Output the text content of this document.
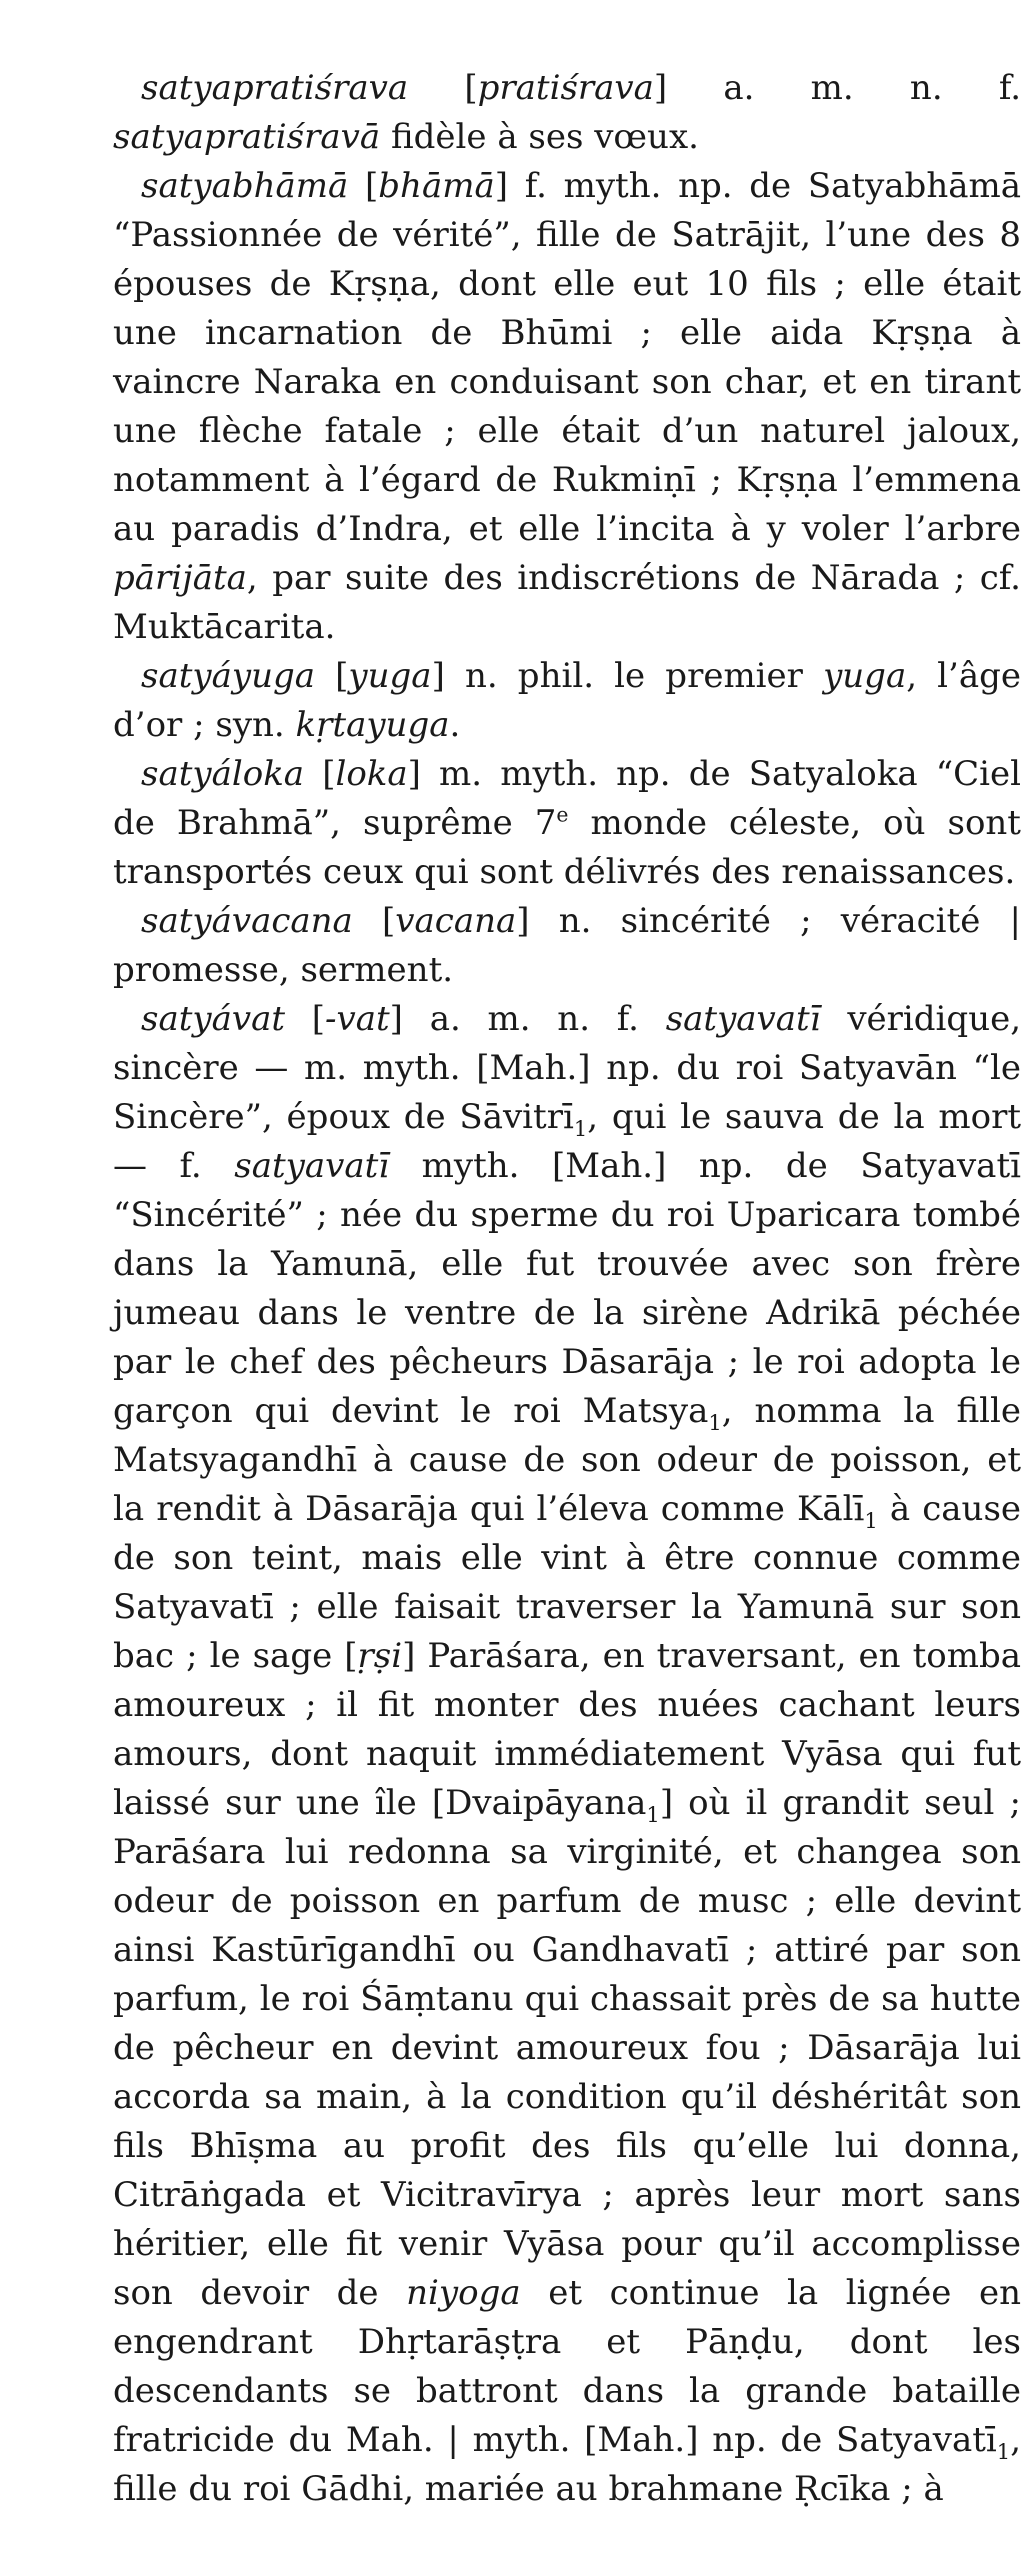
satyapratiśrava [pratiśrava] a. m. n. f. satyapratiśravā fidèle à ses vœux.

satyabhāmā [bhāmā] f. myth. np. de Satyabhāmā “Passionnée de vérité”, fille de Satrājit, l’une des 8 épouses de Kṛṣṇa, dont elle eut 10 fils ; elle était une incarnation de Bhūmi ; elle aida Kṛṣṇa à vaincre Naraka en conduisant son char, et en tirant une flèche fatale ; elle était d’un naturel jaloux, notamment à l’égard de Rukmiṇī ; Kṛṣṇa l’emmena au paradis d’Indra, et elle l’incita à y voler l’arbre pārijāta, par suite des indiscrétions de Nārada ; cf. Muktācarita.

satyáyuga [yuga] n. phil. le premier yuga, l’âge d’or ; syn. kṛtayuga.

satyáloka [loka] m. myth. np. de Satyaloka “Ciel de Brahmā”, suprême 7e monde céleste, où sont transportés ceux qui sont délivrés des renaissances.

satyávacana [vacana] n. sincérité ; véracité | promesse, serment.

satyávat [-vat] a. m. n. f. satyavatī véridique, sincère — m. myth. [Mah.] np. du roi Satyavān “le Sincère”, époux de Sāvitrī$_1$, qui le sauva de la mort — f. satyavatī myth. [Mah.] np. de Satyavatī “Sincérité” ; née du sperme du roi Uparicara tombé dans la Yamunā, elle fut trouvée avec son frère jumeau dans le ventre de la sirène Adrikā péchée par le chef des pêcheurs Dāsarāja ; le roi adopta le garçon qui devint le roi Matsya$_1$, nomma la fille Matsyagandhī à cause de son odeur de poisson, et la rendit à Dāsarāja qui l’éleva comme Kālī$_1$ à cause de son teint, mais elle vint à être connue comme Satyavatī ; elle faisait traverser la Yamunā sur son bac ; le sage [ṛṣi] Parāśara, en traversant, en tomba amoureux ; il fit monter des nuées cachant leurs amours, dont naquit immédiatement Vyāsa qui fut laissé sur une île [Dvaipāyana$_1$] où il grandit seul ; Parāśara lui redonna sa virginité, et changea son odeur de poisson en parfum de musc ; elle devint ainsi Kastūrīgandhī ou Gandhavatī ; attiré par son parfum, le roi Śāṃtanu qui chassait près de sa hutte de pêcheur en devint amoureux fou ; Dāsarāja lui accorda sa main, à la condition qu’il déshéritât son fils Bhīṣma au profit des fils qu’elle lui donna, Citrāṅgada et Vicitravīrya ; après leur mort sans héritier, elle fit venir Vyāsa pour qu’il accomplisse son devoir de niyoga et continue la lignée en engendrant Dhṛtarāṣṭra et Pāṇḍu, dont les descendants se battront dans la grande bataille fratricide du Mah. | myth. [Mah.] np. de Satyavatī$_1$, fille du roi Gādhi, mariée au brahmane Ṛcīka ; à
